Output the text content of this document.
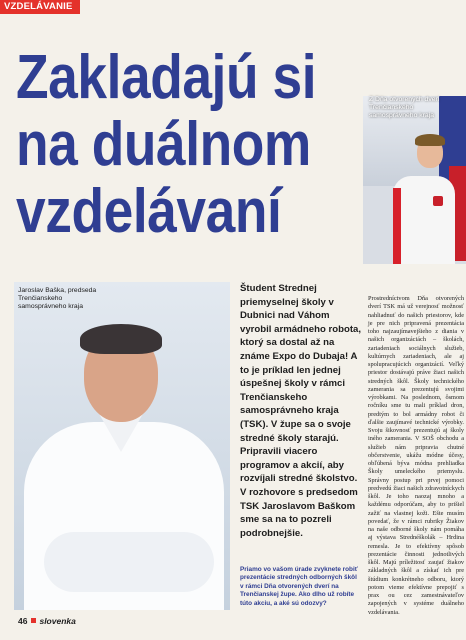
VZDELÁVANIE
Zakladajú si
na duálnom
vzdelávaní
Z Dňa otvorených dverí Trenčianskeho samosprávneho kraja
Jaroslav Baška, predseda Trenčianskeho samosprávneho kraja

Študent Strednej priemyselnej školy v Dubnici nad Váhom vyrobil armádneho robota, ktorý sa dostal až na známe Expo do Dubaja! A to je príklad len jednej úspešnej školy v rámci Trenčianskeho samosprávneho kraja (TSK). V župe sa o svoje stredné školy starajú. Pripravili viacero programov a akcií, aby rozvíjali stredné školstvo. V rozhovore s predsedom TSK Jaroslavom Baškom sme sa na to pozreli podrobnejšie.

Priamo vo vašom úrade zvyknete robiť prezentácie stredných odborných škôl v rámci Dňa otvorených dverí na Trenčianskej župe. Ako dlho už robíte túto akciu, a aké sú odozvy?

Prostredníctvom Dňa otvorených dverí TSK má už verejnosť možnosť nahliadnuť do našich priestorov, kde je pre nich pripravená prezentácia toho najzaujímavejšieho z diania v našich organizáciách – školách, zariadeniach sociálnych služieb, kultúrnych zariadeniach, ale aj spolupracujúcich organizácií. Veľký priestor dostávajú práve žiaci našich stredných škôl. Školy technického zamerania sa prezentujú svojimi výrobkami. Na poslednom, ôsmom ročníku sme tu mali príklad dron, predtým to bol armádny robot či ďalšie zaujímavé technické výrobky. Svoju šikovnosť prezentujú aj školy iného zamerania. V SOŠ obchodu a služieb nám pripravia chutné občerstvenie, ukážu módne účesy, obľúbená býva módna prehliadka Školy umeleckého priemyslu. Správny postup pri prvej pomoci predvedú žiaci našich zdravotníckych škôl. Je toho naozaj mnoho a každému odporúčam, aby to prišiel zažiť na vlastnej koži. Ešte musím povedať, že v rámci rubriky Žiakov na naše odborné školy nám pomáha aj výstava Strednéškolák – Hrdina remesla. Je to efektívny spôsob prezentácie činnosti jednotlivých škôl. Majú príležitosť zaujať žiakov základných škôl a získať ich pre štúdium konkrétneho odboru, ktorý potom vieme efektívne prepojiť s prax ou cez zamestnávateľov zapojených v systéme duálneho vzdelávania.

46 slovenka
